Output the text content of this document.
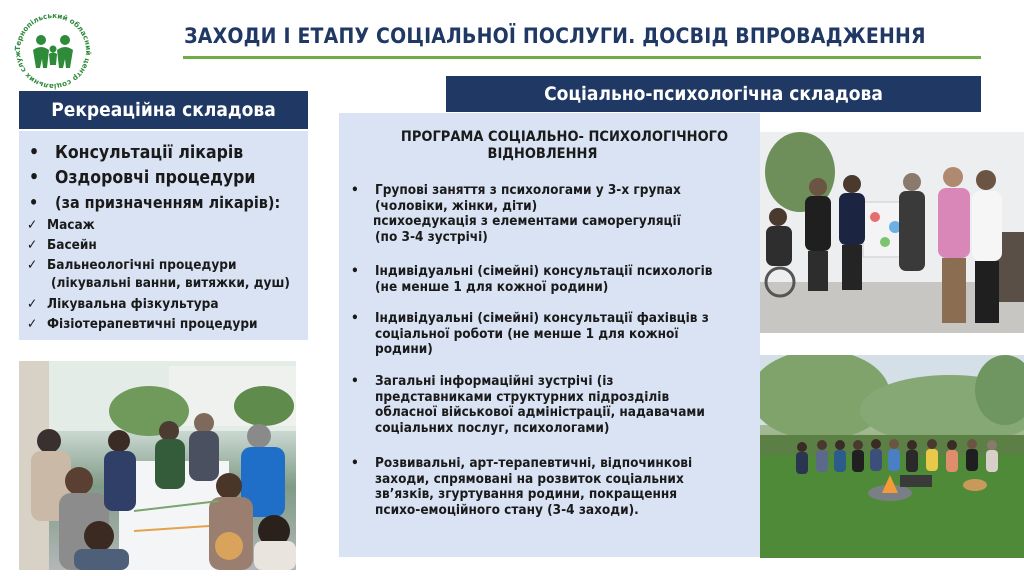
Тернопільський обласний центр соціальних служ
ЗАХОДИ І ЕТАПУ СОЦІАЛЬНОЇ ПОСЛУГИ. ДОСВІД ВПРОВАДЖЕННЯ
Рекреаційна складова
• Консультації лікарів
• Оздоровчі процедури
• (за призначенням лікарів):
✓ Масаж
✓ Басейн
✓ Бальнеологічні процедури
(лікувальні ванни, витяжки, душ)
✓ Лікувальна фізкультура
✓ Фізіотерапевтичні процедури
Соціально-психологічна складова
ПРОГРАМА СОЦІАЛЬНО- ПСИХОЛОГІЧНОГО
ВІДНОВЛЕННЯ
• Групові заняття з психологами у 3-х групах
(чоловіки, жінки, діти)
психоедукація з елементами саморегуляції
(по 3-4 зустрічі)
• Індивідуальні (сімейні) консультації психологів
(не менше 1 для кожної родини)
• Індивідуальні (сімейні) консультації фахівців з
соціальної роботи (не менше 1 для кожної
родини)
• Загальні інформаційні зустрічі (із
представниками структурних підрозділів
обласної військової адміністрації, надавачами
соціальних послуг, психологами)
• Розвивальні, арт-терапевтичні, відпочинкові
заходи, спрямовані на розвиток соціальних
зв’язків, згуртування родини, покращення
психо-емоційного стану (3-4 заходи).
